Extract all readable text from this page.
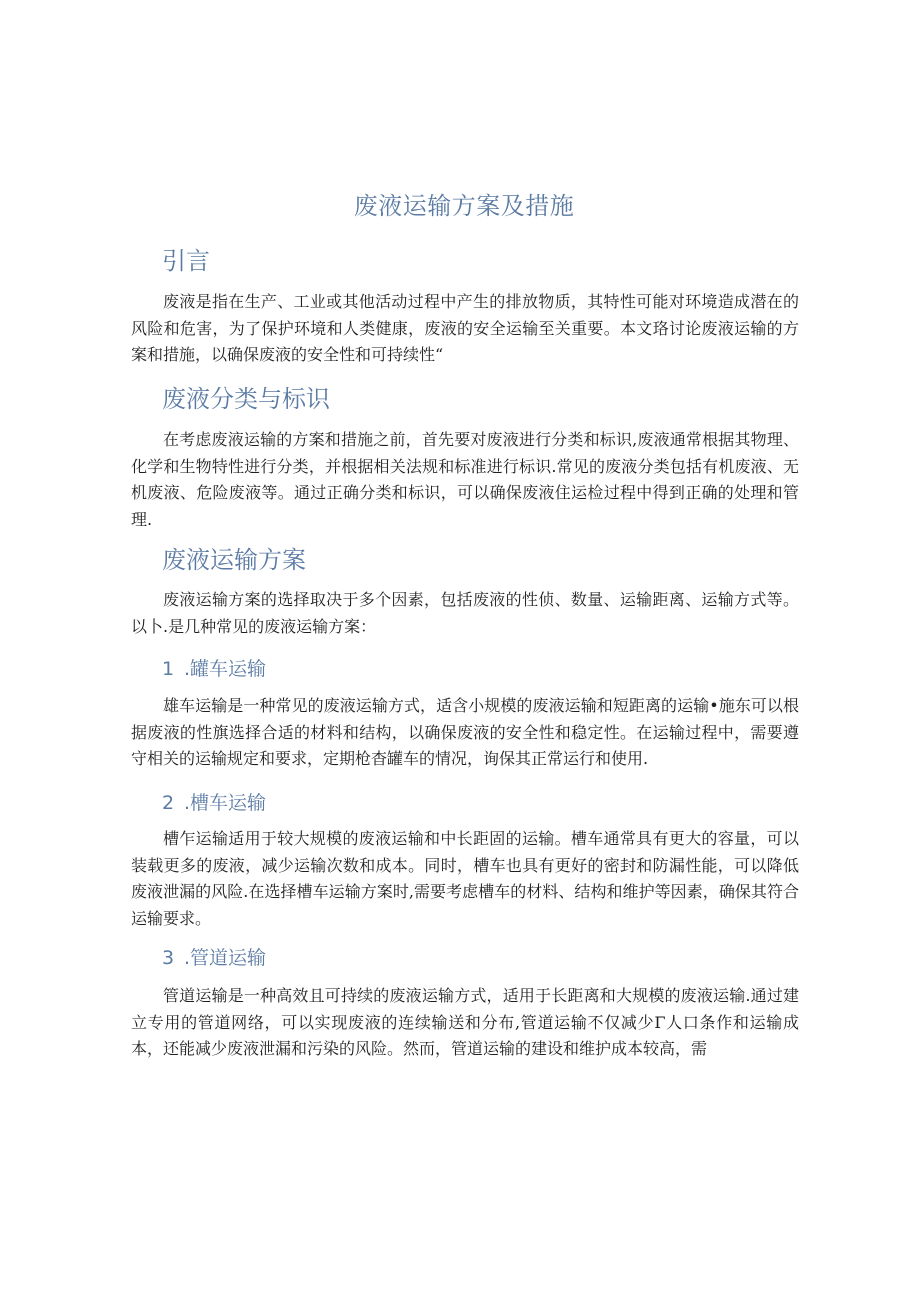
废液运输方案及措施
引言

废液是指在生产、工业或其他活动过程中产生的排放物质，其特性可能对环境造成潜在的风险和危害，为了保护环境和人类健康，废液的安全运输至关重要。本文珞讨论废液运输的方案和措施，以确保废液的安全性和可持续性“

废液分类与标识

在考虑废液运输的方案和措施之前，首先要对废液进行分类和标识,废液通常根据其物理、化学和生物特性进行分类，并根据相关法规和标准进行标识.常见的废液分类包括有机废液、无机废液、危险废液等。通过正确分类和标识，可以确保废液住运检过程中得到正确的处理和管理.

废液运输方案

废液运输方案的选择取决于多个因素，包括废液的性侦、数量、运输距离、运输方式等。以卜.是几种常见的废液运输方案：

1 .罐车运输

雄车运输是一种常见的废液运输方式，适含小规模的废液运输和短距离的运输•施东可以根据废液的性旗选择合适的材料和结构，以确保废液的安全性和稳定性。在运输过程中，需要遵守相关的运输规定和要求，定期枪杳罐车的情况，询保其正常运行和使用.

2 .槽车运输

槽乍运输适用于较大规模的废液运输和中长距固的运输。槽车通常具有更大的容量，可以装载更多的废液，减少运输次数和成本。同时，槽车也具有更好的密封和防漏性能，可以降低废液泄漏的风险.在选择槽车运输方案时,需要考虑槽车的材料、结构和维护等因素，确保其符合运输要求。

3 .管道运输

管道运输是一种高效且可持续的废液运输方式，适用于长距离和大规模的废液运输.通过建立专用的管道网络，可以实现废液的连续输送和分布,管道运输不仅减少Γ人口条作和运输成本，还能减少废液泄漏和污染的风险。然而，管道运输的建设和维护成本较高，需
